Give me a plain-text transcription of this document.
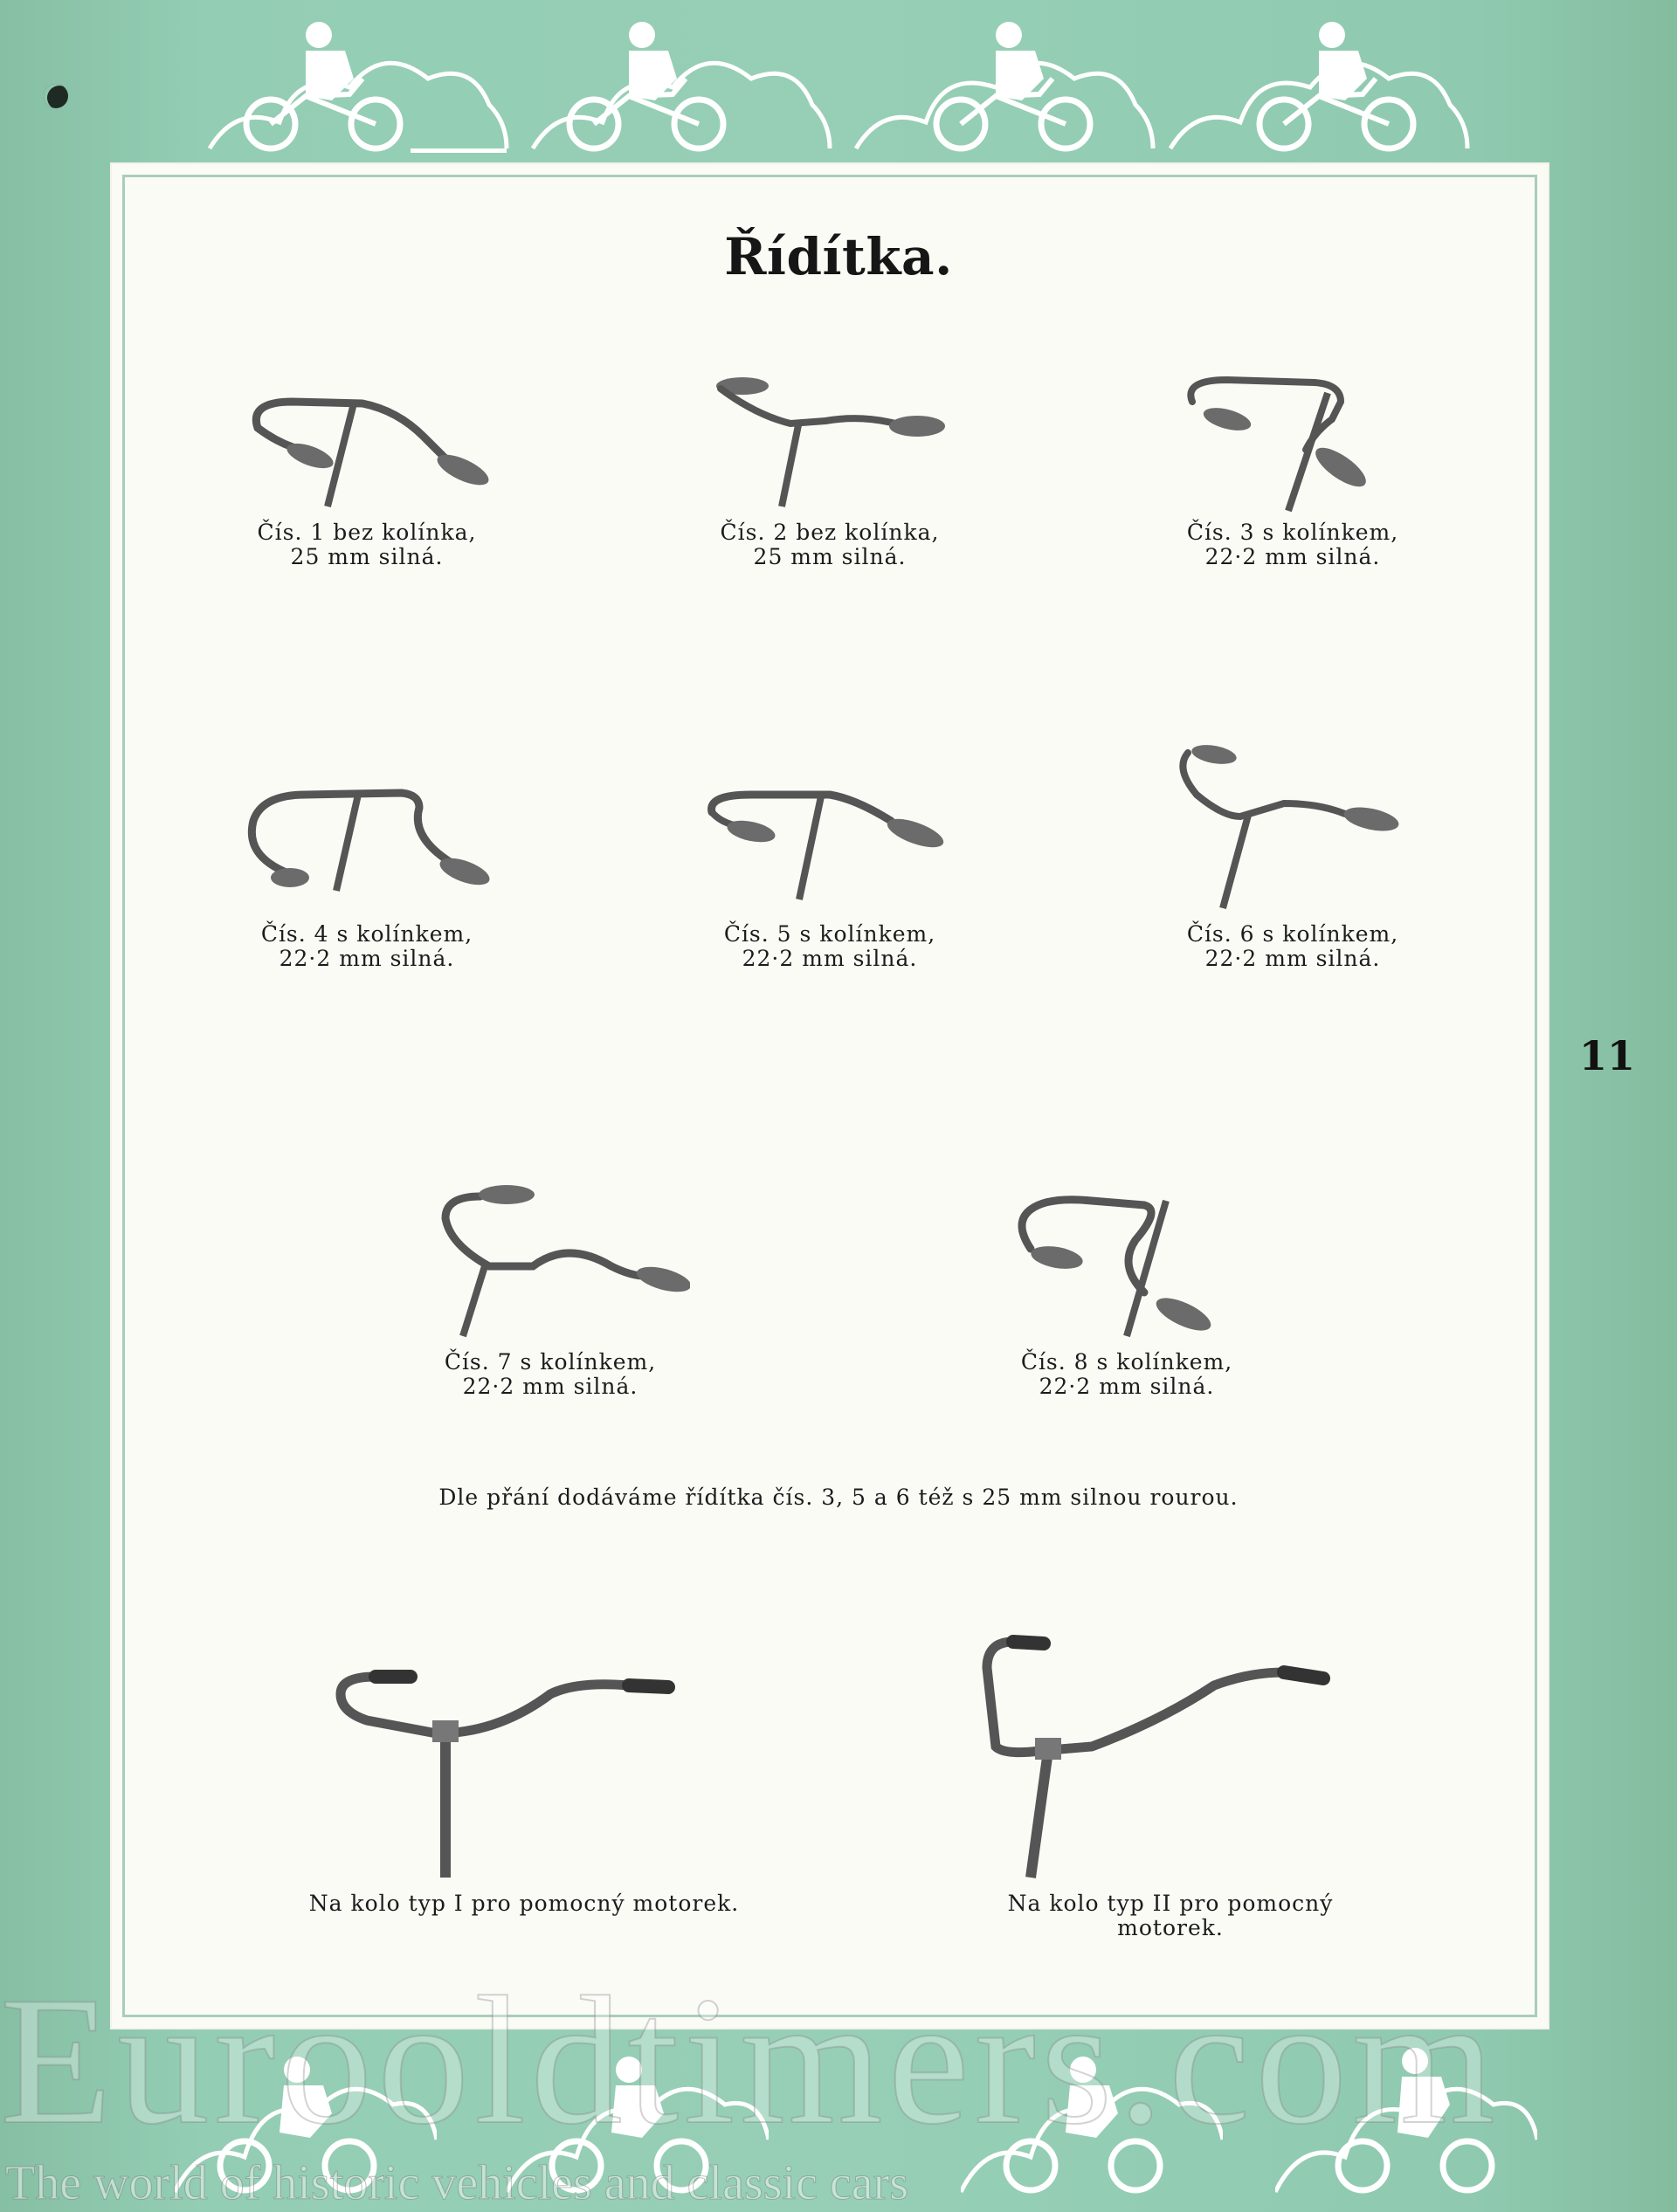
Řídítka.
11
Čís. 1 bez kolínka,
25 mm silná.
Čís. 2 bez kolínka,
25 mm silná.
Čís. 3 s kolínkem,
22·2 mm silná.
Čís. 4 s kolínkem,
22·2 mm silná.
Čís. 5 s kolínkem,
22·2 mm silná.
Čís. 6 s kolínkem,
22·2 mm silná.
Čís. 7 s kolínkem,
22·2 mm silná.
Čís. 8 s kolínkem,
22·2 mm silná.
Dle přání dodáváme řídítka čís. 3, 5 a 6 též s 25 mm silnou rourou.
Na kolo typ I pro pomocný motorek.	Na kolo typ II pro pomocný motorek.
Eurooldtimers.com
The world of historic vehicles and classic cars
